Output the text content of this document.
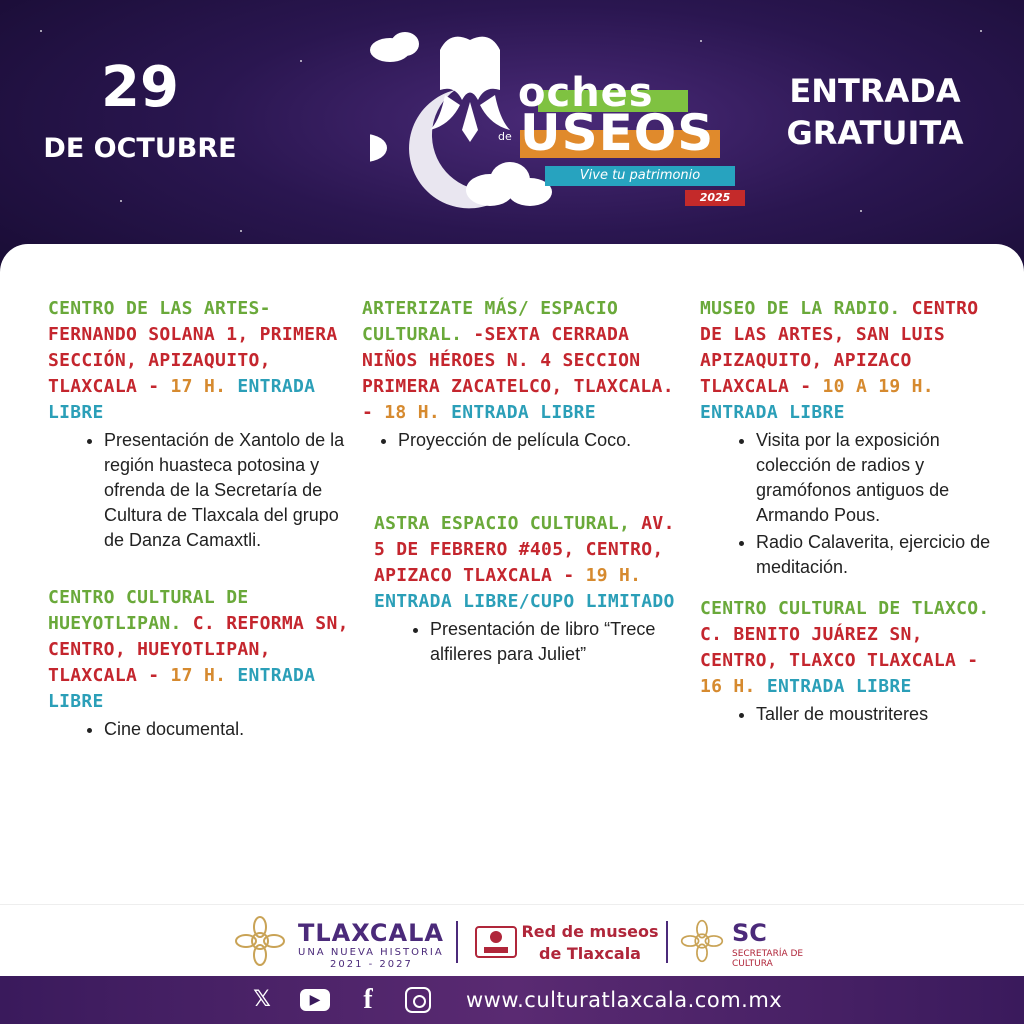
29
DE OCTUBRE
oches
de USEOS
Vive tu patrimonio
2025
ENTRADA
GRATUITA
CENTRO DE LAS ARTES- FERNANDO SOLANA 1, PRIMERA SECCIÓN, APIZAQUITO, TLAXCALA - 17 H. ENTRADA LIBRE
• Presentación de Xantolo de la región huasteca potosina y ofrenda de la Secretaría de Cultura de Tlaxcala del grupo de Danza Camaxtli.
CENTRO CULTURAL DE HUEYOTLIPAN. C. REFORMA SN, CENTRO, HUEYOTLIPAN, TLAXCALA - 17 H. ENTRADA LIBRE
• Cine documental.
ARTERIZATE MÁS/ ESPACIO CULTURAL. -SEXTA CERRADA NIÑOS HÉROES N. 4 SECCION PRIMERA ZACATELCO, TLAXCALA. - 18 H. ENTRADA LIBRE
• Proyección de película Coco.
ASTRA ESPACIO CULTURAL, AV. 5 DE FEBRERO #405, CENTRO, APIZACO TLAXCALA - 19 H. ENTRADA LIBRE/CUPO LIMITADO
• Presentación de libro “Trece alfileres para Juliet”
MUSEO DE LA RADIO. CENTRO DE LAS ARTES, SAN LUIS APIZAQUITO, APIZACO TLAXCALA - 10 A 19 H. ENTRADA LIBRE
• Visita por la exposición colección de radios y gramófonos antiguos de Armando Pous.
• Radio Calaverita, ejercicio de meditación.
CENTRO CULTURAL DE TLAXCO. C. BENITO JUÁREZ SN, CENTRO, TLAXCO TLAXCALA - 16 H. ENTRADA LIBRE
• Taller de moustriteres
TLAXCALA
UNA NUEVA HISTORIA
2021 - 2027
Red de museos
de Tlaxcala
SC
SECRETARÍA DE
CULTURA
𝕏	▶	f	www.culturatlaxcala.com.mx
